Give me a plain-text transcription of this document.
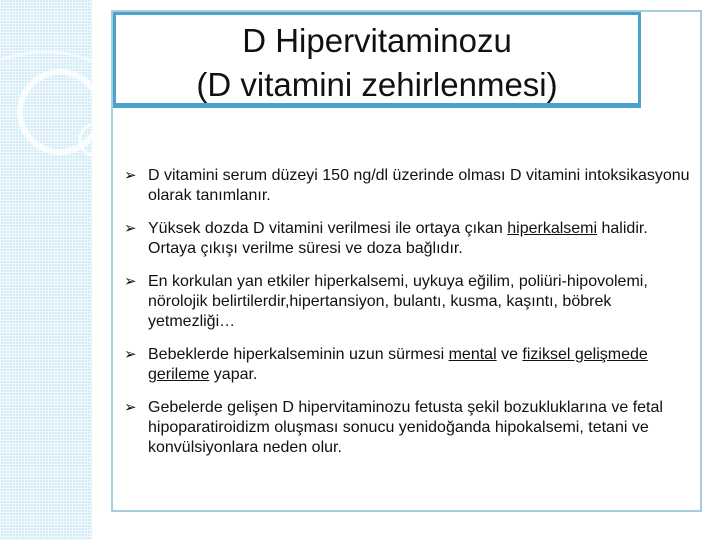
D Hipervitaminozu
(D vitamini zehirlenmesi)
➢ D vitamini serum düzeyi 150 ng/dl üzerinde olması D vitamini intoksikasyonu olarak tanımlanır.
➢ Yüksek dozda D vitamini verilmesi ile ortaya çıkan hiperkalsemi halidir. Ortaya çıkışı verilme süresi ve doza bağlıdır.
➢ En korkulan yan etkiler hiperkalsemi, uykuya eğilim, poliüri-hipovolemi, nörolojik belirtilerdir,hipertansiyon, bulantı, kusma, kaşıntı, böbrek yetmezliği…
➢ Bebeklerde hiperkalseminin uzun sürmesi mental ve fiziksel gelişmede gerileme yapar.
➢ Gebelerde gelişen D hipervitaminozu fetusta şekil bozukluklarına ve fetal hipoparatiroidizm oluşması sonucu yenidoğanda hipokalsemi, tetani ve konvülsiyonlara neden olur.
